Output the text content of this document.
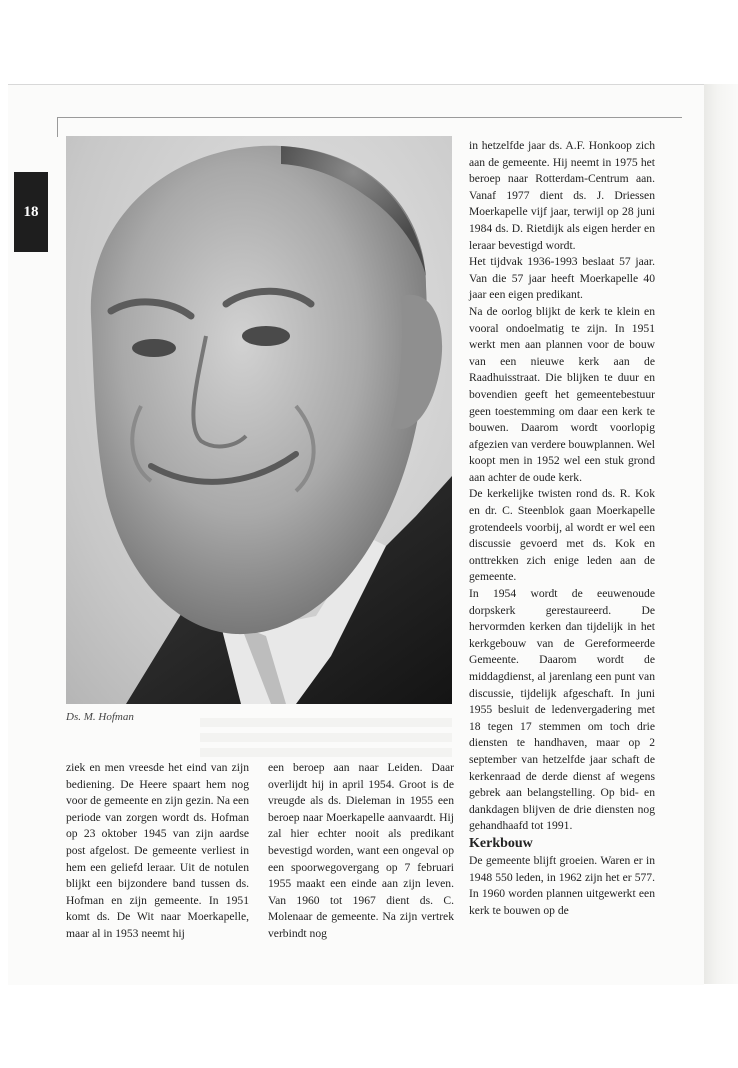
18
Ds. M. Hofman

ziek en men vreesde het eind van zijn bediening. De Heere spaart hem nog voor de gemeente en zijn gezin. Na een periode van zorgen wordt ds. Hofman op 23 oktober 1945 van zijn aardse post afgelost. De gemeente verliest in hem een geliefd leraar. Uit de notulen blijkt een bijzondere band tussen ds. Hofman en zijn gemeente. In 1951 komt ds. De Wit naar Moerkapelle, maar al in 1953 neemt hij

een beroep aan naar Leiden. Daar overlijdt hij in april 1954. Groot is de vreugde als ds. Dieleman in 1955 een beroep naar Moerkapelle aanvaardt. Hij zal hier echter nooit als predikant bevestigd worden, want een ongeval op een spoorwegovergang op 7 februari 1955 maakt een einde aan zijn leven. Van 1960 tot 1967 dient ds. C. Molenaar de gemeente. Na zijn vertrek verbindt nog

in hetzelfde jaar ds. A.F. Honkoop zich aan de gemeente. Hij neemt in 1975 het beroep naar Rotterdam-Centrum aan. Vanaf 1977 dient ds. J. Driessen Moerkapelle vijf jaar, terwijl op 28 juni 1984 ds. D. Rietdijk als eigen herder en leraar bevestigd wordt.

Het tijdvak 1936-1993 beslaat 57 jaar. Van die 57 jaar heeft Moerkapelle 40 jaar een eigen predikant.

Na de oorlog blijkt de kerk te klein en vooral ondoelmatig te zijn. In 1951 werkt men aan plannen voor de bouw van een nieuwe kerk aan de Raadhuisstraat. Die blijken te duur en bovendien geeft het gemeentebestuur geen toestemming om daar een kerk te bouwen. Daarom wordt voorlopig afgezien van verdere bouwplannen. Wel koopt men in 1952 wel een stuk grond aan achter de oude kerk.

De kerkelijke twisten rond ds. R. Kok en dr. C. Steenblok gaan Moerkapelle grotendeels voorbij, al wordt er wel een discussie gevoerd met ds. Kok en onttrekken zich enige leden aan de gemeente.

In 1954 wordt de eeuwenoude dorpskerk gerestaureerd. De hervormden kerken dan tijdelijk in het kerkgebouw van de Gereformeerde Gemeente. Daarom wordt de middagdienst, al jarenlang een punt van discussie, tijdelijk afgeschaft. In juni 1955 besluit de ledenvergadering met 18 tegen 17 stemmen om toch drie diensten te handhaven, maar op 2 september van hetzelfde jaar schaft de kerkenraad de derde dienst af wegens gebrek aan belangstelling. Op bid- en dankdagen blijven de drie diensten nog gehandhaafd tot 1991.

Kerkbouw

De gemeente blijft groeien. Waren er in 1948 550 leden, in 1962 zijn het er 577. In 1960 worden plannen uitgewerkt een kerk te bouwen op de
